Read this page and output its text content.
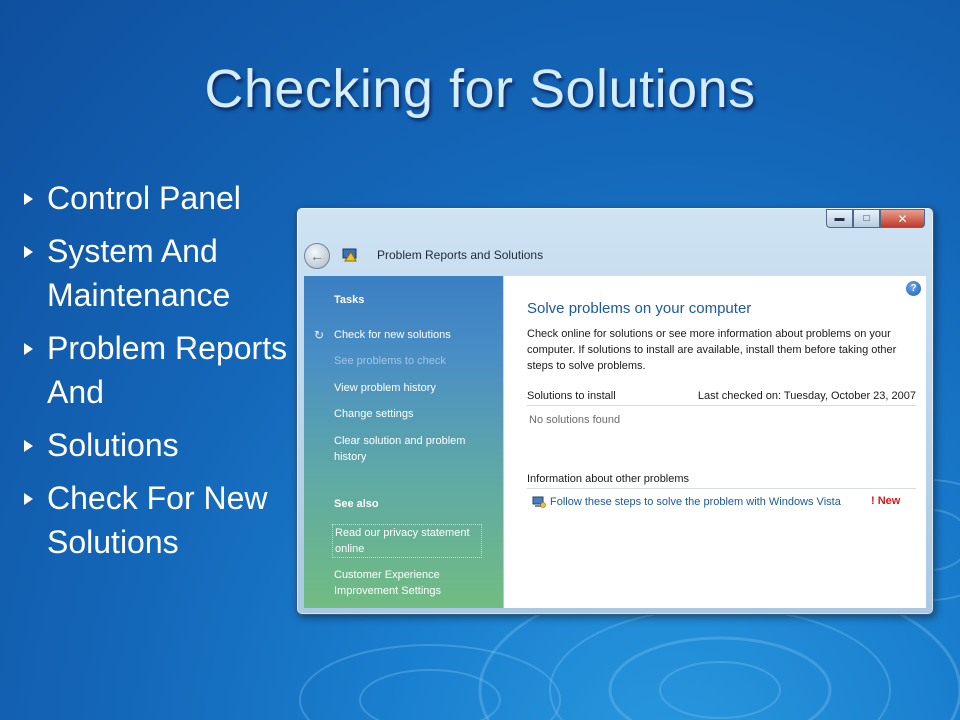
Checking for Solutions
Control Panel
System And Maintenance
Problem Reports And
Solutions
Check For New Solutions
▬ □ ✕
←	Problem Reports and Solutions
Tasks
↻ Check for new solutions
See problems to check
View problem history
Change settings
Clear solution and problem history
See also
Read our privacy statement online
Customer Experience Improvement Settings
?
Solve problems on your computer
Check online for solutions or see more information about problems on your computer. If solutions to install are available, install them before taking other steps to solve problems.
Solutions to install	Last checked on: Tuesday, October 23, 2007
No solutions found
Information about other problems
Follow these steps to solve the problem with Windows Vista	! New
